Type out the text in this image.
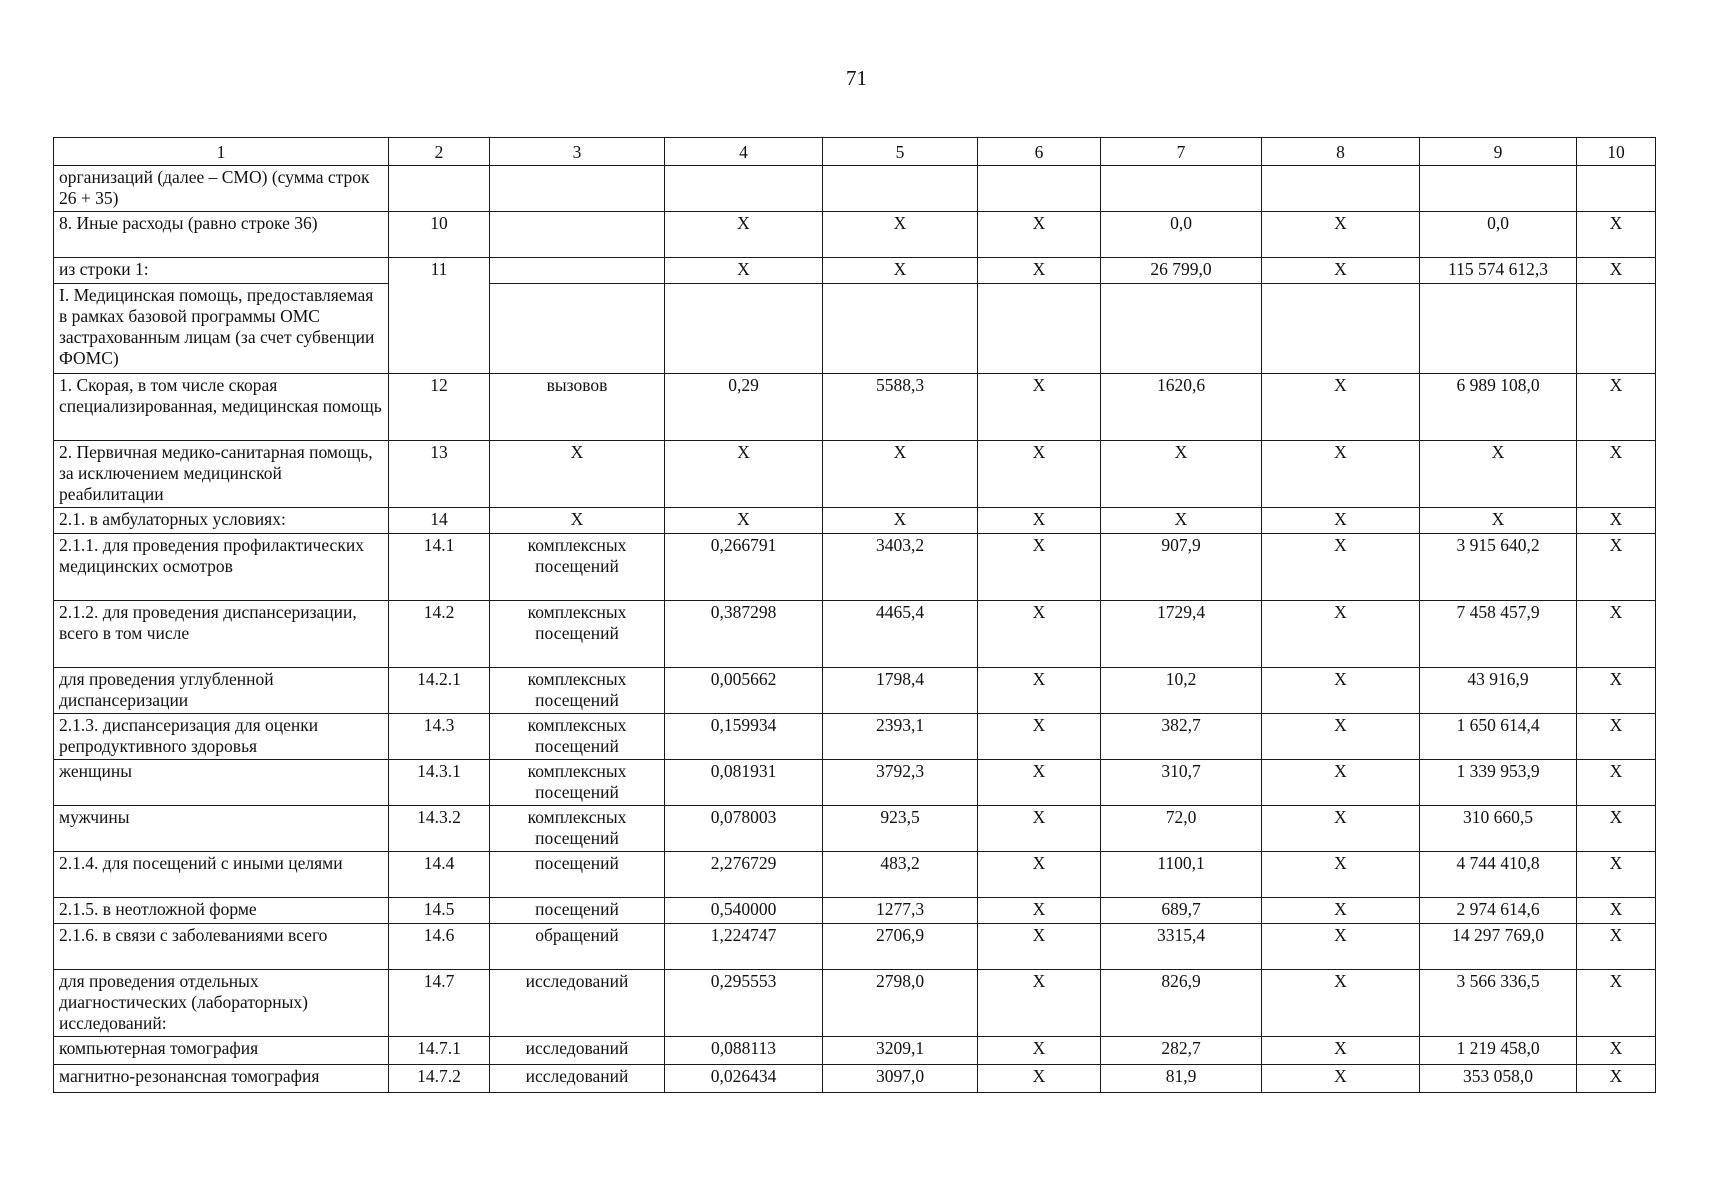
71
1	2	3	4	5	6	7	8	9	10
организаций (далее – СМО) (сумма строк 26 + 35)									
8. Иные расходы (равно строке 36)	10		X	X	X	0,0	X	0,0	X
из строки 1:	11		X	X	X	26 799,0	X	115 574 612,3	X
I. Медицинская помощь, предоставляемая в рамках базовой программы ОМС застрахованным лицам (за счет субвенции ФОМС)									
1. Скорая, в том числе скорая специализированная, медицинская помощь	12	вызовов	0,29	5588,3	X	1620,6	X	6 989 108,0	X
2. Первичная медико-санитарная помощь, за исключением медицинской реабилитации	13	X	X	X	X	X	X	X	X
2.1. в амбулаторных условиях:	14	X	X	X	X	X	X	X	X
2.1.1. для проведения профилактических медицинских осмотров	14.1	комплексных посещений	0,266791	3403,2	X	907,9	X	3 915 640,2	X
2.1.2. для проведения диспансеризации, всего в том числе	14.2	комплексных посещений	0,387298	4465,4	X	1729,4	X	7 458 457,9	X
для проведения углубленной диспансеризации	14.2.1	комплексных посещений	0,005662	1798,4	X	10,2	X	43 916,9	X
2.1.3. диспансеризация для оценки репродуктивного здоровья	14.3	комплексных посещений	0,159934	2393,1	X	382,7	X	1 650 614,4	X
женщины	14.3.1	комплексных посещений	0,081931	3792,3	X	310,7	X	1 339 953,9	X
мужчины	14.3.2	комплексных посещений	0,078003	923,5	X	72,0	X	310 660,5	X
2.1.4. для посещений с иными целями	14.4	посещений	2,276729	483,2	X	1100,1	X	4 744 410,8	X
2.1.5. в неотложной форме	14.5	посещений	0,540000	1277,3	X	689,7	X	2 974 614,6	X
2.1.6. в связи с заболеваниями всего	14.6	обращений	1,224747	2706,9	X	3315,4	X	14 297 769,0	X
для проведения отдельных диагностических (лабораторных) исследований:	14.7	исследований	0,295553	2798,0	X	826,9	X	3 566 336,5	X
компьютерная томография	14.7.1	исследований	0,088113	3209,1	X	282,7	X	1 219 458,0	X
магнитно-резонансная томография	14.7.2	исследований	0,026434	3097,0	X	81,9	X	353 058,0	X
